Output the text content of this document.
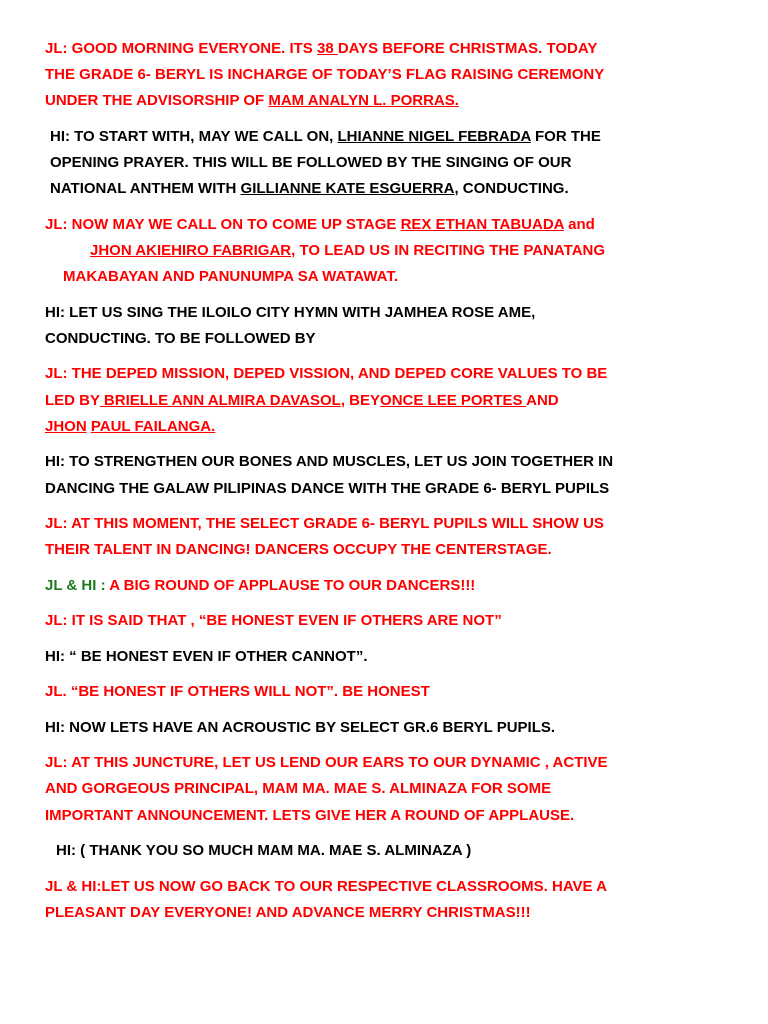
JL: GOOD MORNING EVERYONE. ITS 38 DAYS BEFORE CHRISTMAS. TODAY
THE GRADE 6- BERYL IS INCHARGE OF TODAY’S FLAG RAISING CEREMONY
UNDER THE ADVISORSHIP OF MAM ANALYN L. PORRAS.
HI: TO START WITH, MAY WE CALL ON, LHIANNE NIGEL FEBRADA FOR THE
OPENING PRAYER. THIS WILL BE FOLLOWED BY THE SINGING OF OUR
NATIONAL ANTHEM WITH GILLIANNE KATE ESGUERRA, CONDUCTING.
JL: NOW MAY WE CALL ON TO COME UP STAGE REX ETHAN TABUADA and
JHON AKIEHIRO FABRIGAR, TO LEAD US IN RECITING THE PANATANG
MAKABAYAN AND PANUNUMPA SA WATAWAT.
HI: LET US SING THE ILOILO CITY HYMN WITH JAMHEA ROSE AME,
CONDUCTING. TO BE FOLLOWED BY
JL: THE DEPED MISSION, DEPED VISSION, AND DEPED CORE VALUES TO BE
LED BY BRIELLE ANN ALMIRA DAVASOL, BEYONCE LEE PORTES AND
JHON PAUL FAILANGA.
HI: TO STRENGTHEN OUR BONES AND MUSCLES, LET US JOIN TOGETHER IN
DANCING THE GALAW PILIPINAS DANCE WITH THE GRADE 6- BERYL PUPILS
JL: AT THIS MOMENT, THE SELECT GRADE 6- BERYL PUPILS WILL SHOW US
THEIR TALENT IN DANCING! DANCERS OCCUPY THE CENTERSTAGE.
JL & HI : A BIG ROUND OF APPLAUSE TO OUR DANCERS!!!
JL: IT IS SAID THAT , “BE HONEST EVEN IF OTHERS ARE NOT”
HI: “ BE HONEST EVEN IF OTHER CANNOT”.
JL. “BE HONEST IF OTHERS WILL NOT”. BE HONEST
HI: NOW LETS HAVE AN ACROUSTIC BY SELECT GR.6 BERYL PUPILS.
JL: AT THIS JUNCTURE, LET US LEND OUR EARS TO OUR DYNAMIC , ACTIVE
AND GORGEOUS PRINCIPAL, MAM MA. MAE S. ALMINAZA FOR SOME
IMPORTANT ANNOUNCEMENT. LETS GIVE HER A ROUND OF APPLAUSE.
HI: ( THANK YOU SO MUCH MAM MA. MAE S. ALMINAZA )
JL & HI:LET US NOW GO BACK TO OUR RESPECTIVE CLASSROOMS. HAVE A
PLEASANT DAY EVERYONE! AND ADVANCE MERRY CHRISTMAS!!!
